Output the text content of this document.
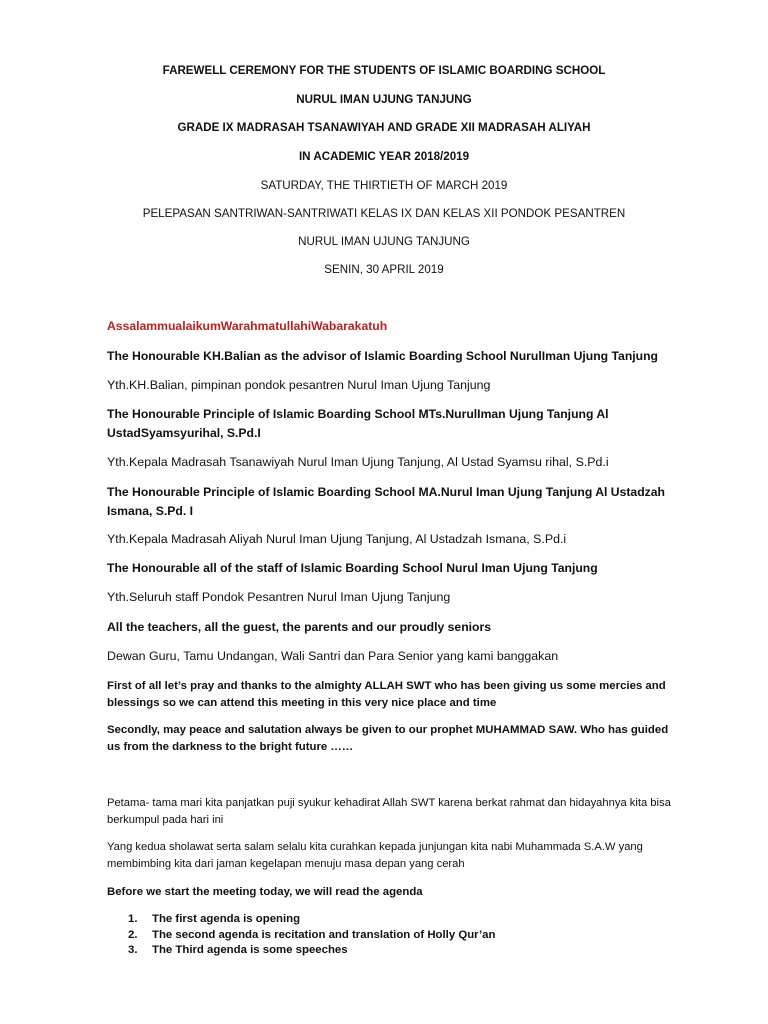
FAREWELL CEREMONY FOR THE STUDENTS OF ISLAMIC BOARDING SCHOOL

NURUL IMAN UJUNG TANJUNG

GRADE IX MADRASAH TSANAWIYAH AND GRADE XII MADRASAH ALIYAH

IN ACADEMIC YEAR 2018/2019

SATURDAY, THE THIRTIETH OF MARCH 2019

PELEPASAN SANTRIWAN-SANTRIWATI KELAS IX DAN KELAS XII PONDOK PESANTREN

NURUL IMAN UJUNG TANJUNG

SENIN, 30 APRIL 2019

AssalammualaikumWarahmatullahiWabarakatuh

The Honourable KH.Balian as the advisor of Islamic Boarding School NurulIman Ujung Tanjung

Yth.KH.Balian, pimpinan pondok pesantren Nurul Iman Ujung Tanjung

The Honourable Principle of Islamic Boarding School MTs.NurulIman Ujung Tanjung Al UstadSyamsyurihal, S.Pd.I

Yth.Kepala Madrasah Tsanawiyah Nurul Iman Ujung Tanjung, Al Ustad Syamsu rihal, S.Pd.i

The Honourable Principle of Islamic Boarding School MA.Nurul Iman Ujung Tanjung Al Ustadzah Ismana, S.Pd. I

Yth.Kepala Madrasah Aliyah Nurul Iman Ujung Tanjung, Al Ustadzah Ismana, S.Pd.i

The Honourable all of the staff of Islamic Boarding School Nurul Iman Ujung Tanjung

Yth.Seluruh staff Pondok Pesantren Nurul Iman Ujung Tanjung

All the teachers, all the guest, the parents and our proudly seniors

Dewan Guru, Tamu Undangan, Wali Santri dan Para Senior yang kami banggakan

First of all let’s pray and thanks to the almighty ALLAH SWT who has been giving us some mercies and blessings so we can attend this meeting in this very nice place and time

Secondly, may peace and salutation always be given to our prophet MUHAMMAD SAW. Who has guided us from the darkness to the bright future ……

Petama- tama mari kita panjatkan puji syukur kehadirat Allah SWT karena berkat rahmat dan hidayahnya kita bisa berkumpul pada hari ini

Yang kedua sholawat serta salam selalu kita curahkan kepada junjungan kita nabi Muhammada S.A.W yang membimbing kita dari jaman kegelapan menuju masa depan yang cerah

Before we start the meeting today, we will read the agenda

1. The first agenda is opening
2. The second agenda is recitation and translation of Holly Qur’an
3. The Third agenda is some speeches
